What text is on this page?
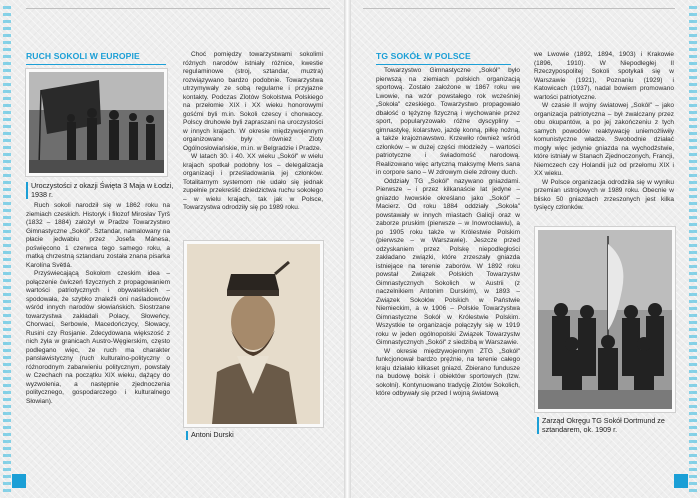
RUCH SOKOLI W EUROPIE
Uroczystości z okazji Święta 3 Maja w Łodzi, 1938 r.

Ruch sokoli narodził się w 1862 roku na ziemiach czeskich. Historyk i filozof Mirosłav Tyrš (1832 – 1884) założył w Pradze Towarzystwo Gimnastyczne „Sokół". Sztandar, namalowany na płacie jedwabiu przez Josefa Mánesa, poświęcono 1 czerwca tego samego roku, a matką chrzestną sztandaru została znana pisarka Karolína Světlá.

Przyświecającą Sokołom czeskim idea – połączenie ćwiczeń fizycznych z propagowaniem wartości patriotycznych i obywatelskich – spodowała, że szybko znaleźli oni naśladowców wśród innych narodów słowiańskich. Siostrzane towarzystwa zakładali Polacy, Słoweńcy, Chorwaci, Serbowie, Macedończycy, Słowacy, Rusini czy Rosjanie. Zdecydowana większość z nich żyła w granicach Austro-Węgierskim, często podlegano więc, że ruch ma charakter panslawistyczny (ruch kulturalno-polityczny o różnorodnym zabarwieniu politycznym, powstały w Czechach na początku XIX wieku, dążący do wyzwolenia, a następnie zjednoczenia politycznego, gospodarczego i kulturalnego Słowian).

Choć pomiędzy towarzystwami sokolimi różnych narodów istniały różnice, kwestie regulaminowe (stroj, sztandar, muztra) rozwiązywano bardzo podobnie. Towarzystwa utrzymywały ze sobą regularne i przyjazne kontakty. Podczas Zlotów Sokolstwa Polskiego na przełomie XIX i XX wieku honorowymi gośćmi byli m.in. Sokoli czescy i chorwaccy. Polscy druhowie byli zapraszani na uroczystości w innych krajach. W okresie międzywojennym organizowane były również Zloty Ogólnosłowiańskie, m.in. w Belgradzie i Pradze.

W latach 30. i 40. XX wieku „Sokół" w wielu krajach spotkał podobny los – delegalizacja organizacji i prześladowania jej członków. Totalitarnym systemom nie udało się jednak zupełnie przekreślić dziedzictwa ruchu sokolego – w wielu krajach, tak jak w Polsce, Towarzystwa odrodziły się po 1989 roku.

Antoni Durski
TG SOKÓŁ W POLSCE

Towarzystwo Gimnastyczne „Sokół" było pierwszą na ziemiach polskich organizacją sportową. Zostało założone w 1867 roku we Lwowie, na wzór powstałego rok wcześniej „Sokoła" czeskiego. Towarzystwo propagowało dbałość o tężyznę fizyczną i wychowanie przez sport, popularyzowało różne dyscypliny – gimnastykę, kolarstwo, jazdę konną, piłkę nożną, a także krajoznawstwo. Krzewiło również wśród członków – w dużej części młodzieży – wartości patriotyczne i świadomość narodową. Realizowano więc artyczną maksymę Mens sana in corpore sano – W zdrowym ciele zdrowy duch.

Oddziały TG „Sokół" nazywano gniazdami. Pierwsze – i przez kilkanaście lat jedyne – gniazdo lwowskie określano jako „Sokół" – Macierz. Od roku 1884 oddziały „Sokoła" powstawały w innych miastach Galicji oraz w zaborze pruskim (pierwsze – w Inowrocławiu), a po 1905 roku także w Królestwie Polskim (pierwsze – w Warszawie). Jeszcze przed odzyskaniem przez Polskę niepodległości zakładano związki, które zrzeszały gniazda istniejące na terenie zaborów. W 1892 roku powstał Związek Polskich Towarzystw Gimnastycznych Sokolich w Austrii (z naczelnikiem Antonim Durskim), w 1893 – Związek Sokołów Polskich w Państwie Niemieckim, a w 1906 – Polskie Towarzystwa Gimnastyczne Sokół w Królestwie Polskim. Wszystkie te organizacje połączyły się w 1919 roku w jeden ogólnopolski Związek Towarzystw Gimnastycznych „Sokół" z siedzibą w Warszawie.

W okresie międzywojennym ZTG „Sokół" funkcjonował bardzo prężnie, na terenie całego kraju działało kilkaset gniazd. Zbierano fundusze na budowę boisk i obiektów sportowych (tzw. sokolni). Kontynuowano tradycję Zlotów Sokolich, które odbywały się przed I wojną światową

we Lwowie (1892, 1894, 1903) i Krakowie (1896, 1910). W Niepodległej II Rzeczypospolitej Sokoli spotykali się w Warszawie (1921), Poznaniu (1929) i Katowicach (1937), nadal bowiem promowano wartości patriotyczne.

W czasie II wojny światowej „Sokół" – jako organizacja patriotyczna – był zwalczany przez obu okupantów, a po jej zakończeniu z tych samych powodów reaktywację uniemożliwiły komunistyczne władze. Swobodnie działać mogły więc jedynie gniazda na wychodźstwie, które istniały w Stanach Zjednoczonych, Francji, Niemczech czy Holandii już od przełomu XIX i XX wieku.

W Polsce organizacja odrodziła się w wyniku przemian ustrojowych w 1989 roku. Obecnie w blisko 50 gniazdach zrzeszonych jest kilka tysięcy członków.

Zarząd Okręgu TG Sokół Dortmund ze sztandarem, ok. 1909 r.
